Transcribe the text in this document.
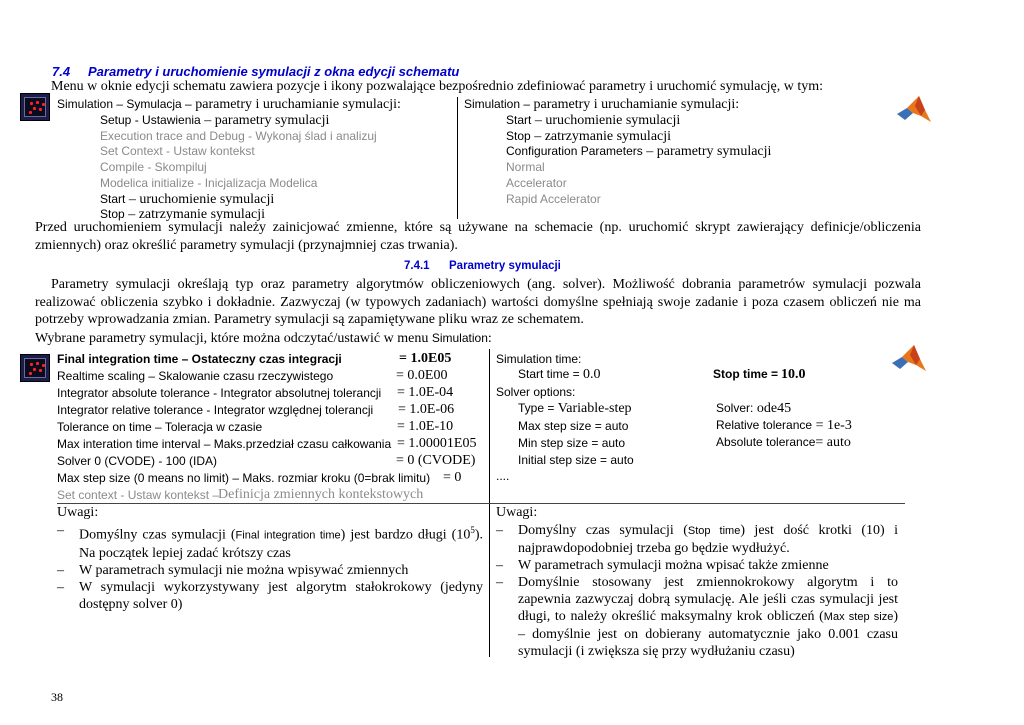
7.4 Parametry i uruchomienie symulacji z okna edycji schematu
Menu w oknie edycji schematu zawiera pozycje i ikony pozwalające bezpośrednio zdefiniować parametry i uruchomić symulację, w tym:
Simulation – Symulacja – parametry i uruchamianie symulacji:
Setup - Ustawienia – parametry symulacji
Execution trace and Debug - Wykonaj ślad i analizuj
Set Context - Ustaw kontekst
Compile - Skompiluj
Modelica initialize - Inicjalizacja Modelica
Start – uruchomienie symulacji
Stop – zatrzymanie symulacji
Simulation – parametry i uruchamianie symulacji:
Start – uruchomienie symulacji
Stop – zatrzymanie symulacji
Configuration Parameters – parametry symulacji
Normal
Accelerator
Rapid Accelerator
Przed uruchomieniem symulacji należy zainicjować zmienne, które są używane na schemacie (np. uruchomić skrypt zawierający definicje/obliczenia zmiennych) oraz określić parametry symulacji (przynajmniej czas trwania).
7.4.1 Parametry symulacji
Parametry symulacji określają typ oraz parametry algorytmów obliczeniowych (ang. solver). Możliwość dobrania parametrów symulacji pozwala realizować obliczenia szybko i dokładnie. Zazwyczaj (w typowych zadaniach) wartości domyślne spełniają swoje zadanie i poza czasem obliczeń nie ma potrzeby wprowadzania zmian. Parametry symulacji są zapamiętywane pliku wraz ze schematem.
Wybrane parametry symulacji, które można odczytać/ustawić w menu Simulation:
Final integration time – Ostateczny czas integracji	= 1.0E05
Realtime scaling – Skalowanie czasu rzeczywistego	= 0.0E00
Integrator absolute tolerance - Integrator absolutnej tolerancji = 1.0E-04
Integrator relative tolerance - Integrator względnej tolerancji = 1.0E-06
Tolerance on time – Toleracja w czasie	= 1.0E-10
Max interation time interval – Maks.przedział czasu całkowania = 1.00001E05
Solver 0 (CVODE) - 100 (IDA)	= 0 (CVODE)
Max step size (0 means no limit) – Maks. rozmiar kroku (0=brak limitu) = 0
Set context - Ustaw kontekst –
Definicja zmiennych kontekstowych
Simulation time:
Start time = 0.0	Stop time = 10.0
Solver options:
Type = Variable-step	Solver: ode45
Max step size = auto	Relative tolerance = 1e-3
Min step size = auto	Absolute tolerance= auto
Initial step size = auto
....
Uwagi:
– Domyślny czas symulacji (Final integration time) jest bardzo długi $(10^5)$. Na początek lepiej zadać krótszy czas
– W parametrach symulacji nie można wpisywać zmiennych
– W symulacji wykorzystywany jest algorytm stałokrokowy (jedyny dostępny solver 0)
Uwagi:
– Domyślny czas symulacji (Stop time) jest dość krotki (10) i najprawdopodobniej trzeba go będzie wydłużyć.
– W parametrach symulacji można wpisać także zmienne
– Domyślnie stosowany jest zmiennokrokowy algorytm i to zapewnia zazwyczaj dobrą symulację. Ale jeśli czas symulacji jest długi, to należy określić maksymalny krok obliczeń (Max step size) – domyślnie jest on dobierany automatycznie jako 0.001 czasu symulacji (i zwiększa się przy wydłużaniu czasu)
38
